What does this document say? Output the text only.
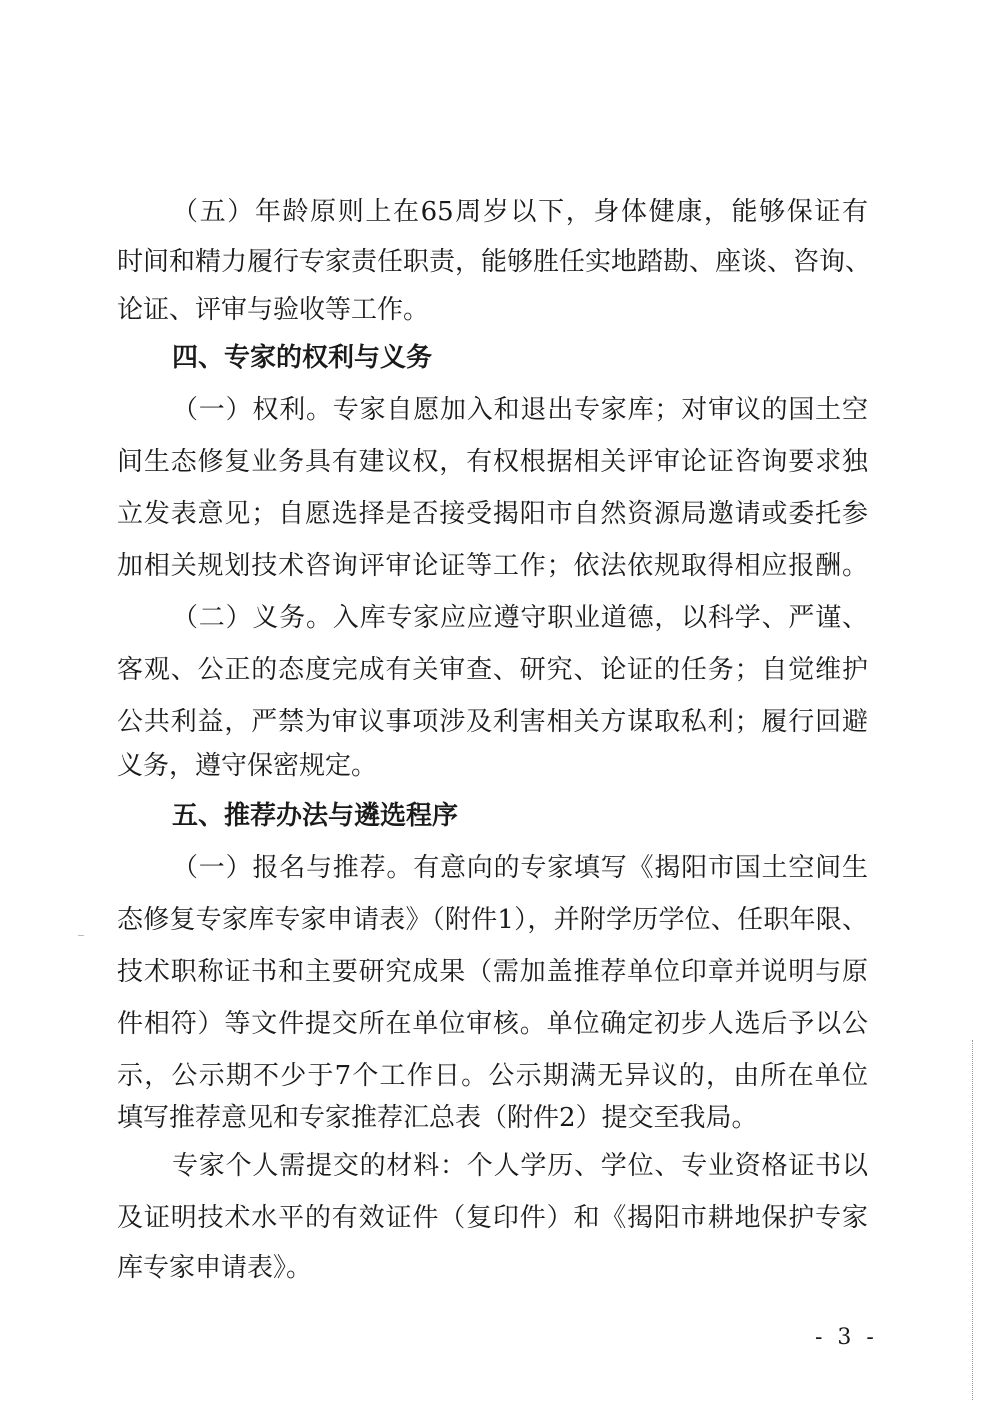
（五）年龄原则上在65周岁以下，身体健康，能够保证有
时间和精力履行专家责任职责，能够胜任实地踏勘、座谈、咨询、
论证、评审与验收等工作。
四、专家的权利与义务
（一）权利。专家自愿加入和退出专家库；对审议的国土空
间生态修复业务具有建议权，有权根据相关评审论证咨询要求独
立发表意见；自愿选择是否接受揭阳市自然资源局邀请或委托参
加相关规划技术咨询评审论证等工作；依法依规取得相应报酬。
（二）义务。入库专家应应遵守职业道德，以科学、严谨、
客观、公正的态度完成有关审查、研究、论证的任务；自觉维护
公共利益，严禁为审议事项涉及利害相关方谋取私利；履行回避
义务，遵守保密规定。
五、推荐办法与遴选程序
（一）报名与推荐。有意向的专家填写《揭阳市国土空间生
态修复专家库专家申请表》（附件1），并附学历学位、任职年限、
技术职称证书和主要研究成果（需加盖推荐单位印章并说明与原
件相符）等文件提交所在单位审核。单位确定初步人选后予以公
示，公示期不少于7个工作日。公示期满无异议的，由所在单位
填写推荐意见和专家推荐汇总表（附件2）提交至我局。
专家个人需提交的材料：个人学历、学位、专业资格证书以
及证明技术水平的有效证件（复印件）和《揭阳市耕地保护专家
库专家申请表》。
- 3 -
